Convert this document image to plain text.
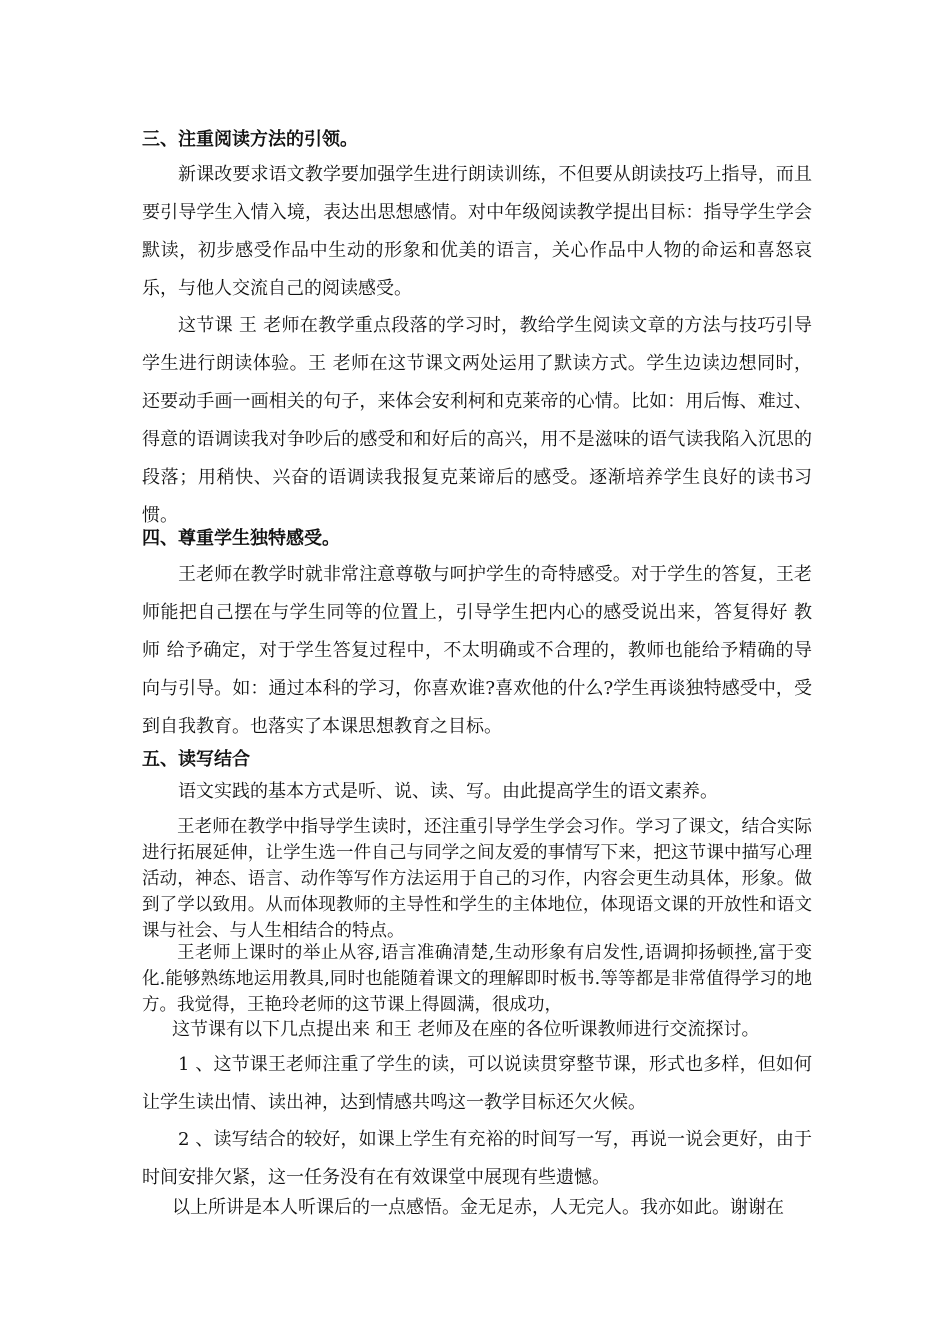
三、注重阅读方法的引领。
新课改要求语文教学要加强学生进行朗读训练，不但要从朗读技巧上指导，而且要引导学生入情入境，表达出思想感情。对中年级阅读教学提出目标：指导学生学会默读，初步感受作品中生动的形象和优美的语言，关心作品中人物的命运和喜怒哀乐，与他人交流自己的阅读感受。
这节课 王 老师在教学重点段落的学习时，教给学生阅读文章的方法与技巧引导学生进行朗读体验。王 老师在这节课文两处运用了默读方式。学生边读边想同时，还要动手画一画相关的句子，来体会安利柯和克莱帝的心情。比如：用后悔、难过、得意的语调读我对争吵后的感受和和好后的高兴，用不是滋味的语气读我陷入沉思的段落；用稍快、兴奋的语调读我报复克莱谛后的感受。逐渐培养学生良好的读书习惯。
四、尊重学生独特感受。
王老师在教学时就非常注意尊敬与呵护学生的奇特感受。对于学生的答复，王老师能把自己摆在与学生同等的位置上，引导学生把内心的感受说出来，答复得好 教师 给予确定，对于学生答复过程中，不太明确或不合理的，教师也能给予精确的导向与引导。如：通过本科的学习，你喜欢谁?喜欢他的什么?学生再谈独特感受中，受到自我教育。也落实了本课思想教育之目标。
五、读写结合
语文实践的基本方式是听、说、读、写。由此提高学生的语文素养。
王老师在教学中指导学生读时，还注重引导学生学会习作。学习了课文，结合实际进行拓展延伸，让学生选一件自己与同学之间友爱的事情写下来，把这节课中描写心理活动，神态、语言、动作等写作方法运用于自己的习作，内容会更生动具体，形象。做到了学以致用。从而体现教师的主导性和学生的主体地位，体现语文课的开放性和语文课与社会、与人生相结合的特点。
王老师上课时的举止从容,语言准确清楚,生动形象有启发性,语调抑扬顿挫,富于变化.能够熟练地运用教具,同时也能随着课文的理解即时板书.等等都是非常值得学习的地方。我觉得，王艳玲老师的这节课上得圆满，很成功，
这节课有以下几点提出来 和王 老师及在座的各位听课教师进行交流探讨。
1 、这节课王老师注重了学生的读，可以说读贯穿整节课，形式也多样，但如何让学生读出情、读出神，达到情感共鸣这一教学目标还欠火候。
2 、读写结合的较好，如课上学生有充裕的时间写一写，再说一说会更好，由于时间安排欠紧，这一任务没有在有效课堂中展现有些遗憾。
以上所讲是本人听课后的一点感悟。金无足赤，人无完人。我亦如此。谢谢在
